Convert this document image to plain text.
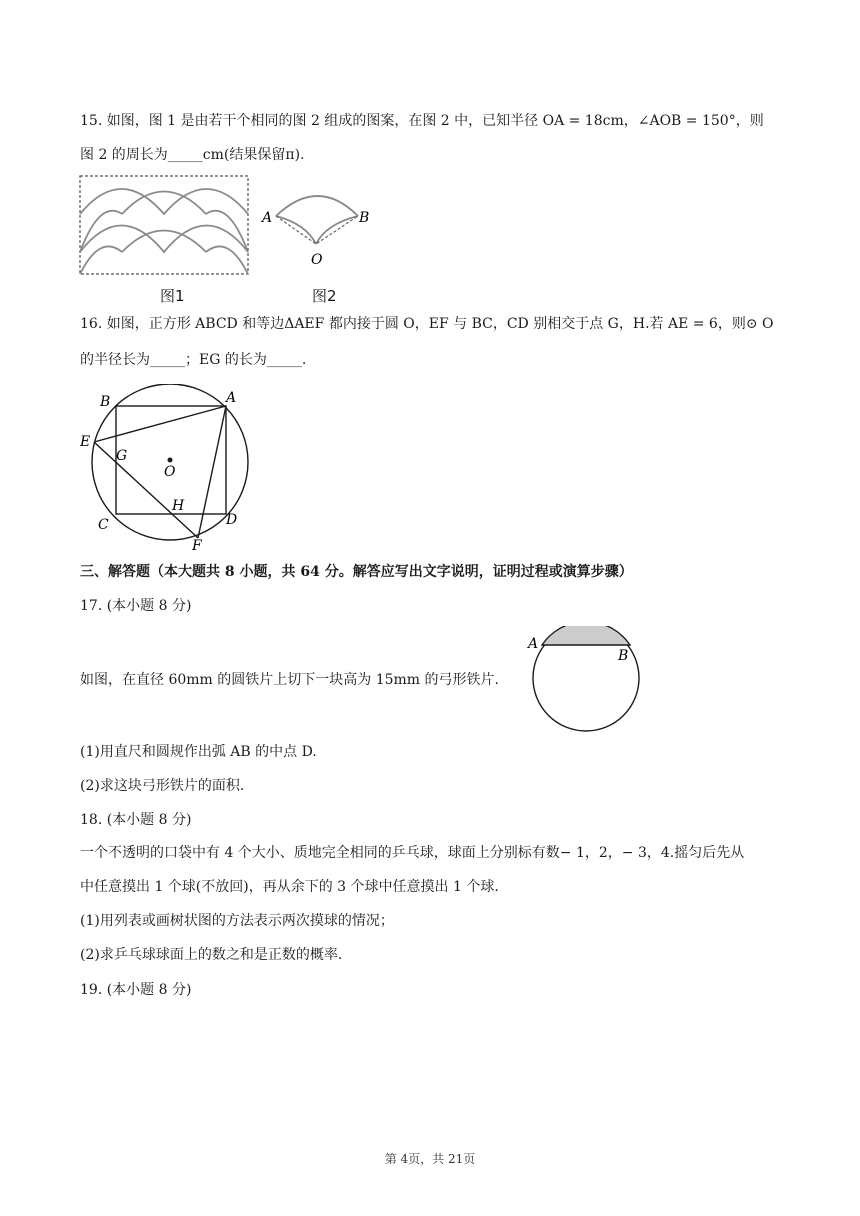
15. 如图，图 1 是由若干个相同的图 2 组成的图案，在图 2 中，已知半径 OA = 18cm，∠AOB = 150°，则
图 2 的周长为_____cm(结果保留π).
图1
A	B
O
图2
16. 如图，正方形 ABCD 和等边ΔAEF 都内接于圆 O，EF 与 BC，CD 别相交于点 G，H.若 AE = 6，则⊙ O
的半径长为_____；EG 的长为_____.
B	A
E
G
O
H
C	D
F
三、解答题（本大题共 8 小题，共 64 分。解答应写出文字说明，证明过程或演算步骤）
17. (本小题 8 分)
如图，在直径 60mm 的圆铁片上切下一块高为 15mm 的弓形铁片.
A
B
(1)用直尺和圆规作出弧 AB 的中点 D.
(2)求这块弓形铁片的面积.
18. (本小题 8 分)
一个不透明的口袋中有 4 个大小、质地完全相同的乒乓球，球面上分别标有数− 1，2，− 3，4.摇匀后先从
中任意摸出 1 个球(不放回)，再从余下的 3 个球中任意摸出 1 个球.
(1)用列表或画树状图的方法表示两次摸球的情况；
(2)求乒乓球球面上的数之和是正数的概率.
19. (本小题 8 分)
第 4页，共 21页
